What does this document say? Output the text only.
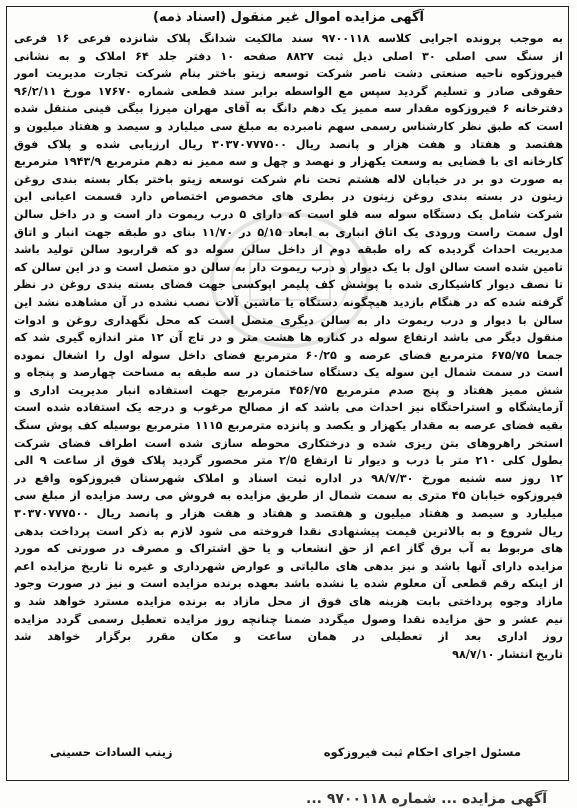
آگهی مزایده اموال غیر منقول (اسناد ذمه)
به موجب پرونده اجرایی کلاسه ۹۷۰۰۱۱۸ سند مالکیت شدانگ پلاک شانزده فرعی ۱۶ فرعی
از سنگ سی اصلی ۳۰ اصلی ذیل ثبت ۸۸۲۷ صفحه ۱۰ دفتر جلد ۶۴ املاک و به نشانی
فیروزکوه ناحیه صنعتی دشت ناصر شرکت توسعه زیتو باختر بنام شرکت تجارت مدیریت امور
حقوقی صادر و تسلیم گردید سپس مع الواسطه برابر سند قطعی شماره ۱۷۶۷۰ مورخ ۹۶/۲/۱۱
دفترخانه ۶ فیروزکوه مقدار سه ممیز یک دهم دانگ به آقای مهران میرزا بیگی فینی منتقل شده
است که طبق نظر کارشناس رسمی سهم نامبرده به مبلغ سی میلیارد و سیصد و هفتاد میلیون و
هفتصد و هفتاد و هفت هزار و پانصد ریال ۳۰۳۷۰۷۷۷۵۰۰ ریال ارزیابی شده و پلاک فوق
کارخانه ای با فضایی به وسعت یکهزار و نهصد و چهل و سه ممیز نه دهم مترمربع ۱۹۴۳/۹ مترمربع
به صورت دو بر در خیابان لاله هشتم تحت نام شرکت توسعه زیتو باختر بکار بسته بندی روغن
زیتون در بسته بندی روغن زیتون در بطری های مخصوص اختصاص دارد قسمت اعیانی این
شرکت شامل یک دستگاه سوله سه قلو است که دارای ۵ درب ریموت دار است و در داخل سالن
اول سمت راست ورودی یک اتاق انباری به ابعاد ۵/۱۵ در ۱۱/۷۰ بنای دو طبقه جهت انبار و اتاق
مدیریت احداث گردیده که راه طبقه دوم از داخل سالن سوله دو که قراربود سالن تولید باشد
تامین شده است سالن اول با یک دیوار و درب ریموت دار به سالن دو متصل است و در این سالن که
تا نصف دیوار کاشیکاری شده با پوشش کف پلیمر اپوکسی جهت فضای بسته بندی روغن در نظر
گرفته شده که در هنگام بازدید هیچگونه دستگاه یا ماشین آلات نصب نشده در آن مشاهده نشد این
سالن با دیوار و درب ریموت دار به سالن دیگری متصل است که محل نگهداری روغن و ادوات
منقول دیگر می باشد ارتفاع سوله در کناره ها هشت متر و در تاج آن ۱۲ متر اندازه گیری شد که
جمعا ۶۷۵/۷۵ مترمربع فضای عرصه و ۶۰/۲۵ مترمربع فضای داخل سوله اول را اشغال نموده
است در سمت شمال این سوله یک دستگاه ساختمان در سه طبقه به مساحت چهارصد و پنجاه و
شش ممیز هفتاد و پنج صدم مترمربع ۴۵۶/۷۵ مترمربع جهت استفاده انبار مدیریت اداری و
آزمایشگاه و استراحتگاه نیز احداث می باشد که از مصالح مرغوب و درجه یک استفاده شده است
بقیه فضای عرصه به مقدار یکهزار و یکصد و پانزده مترمربع ۱۱۱۵ مترمربع بوسیله کف پوش سنگ
استخر راهروهای بتن ریزی شده و درختکاری محوطه سازی شده است اطراف فضای شرکت
بطول کلی ۲۱۰ متر با درب و دیوار تا ارتفاع ۲/۵ متر محصور گردید پلاک فوق از ساعت ۹ الی
۱۲ روز سه شنبه مورخ ۹۸/۷/۳۰ در اداره ثبت اسناد و املاک شهرستان فیروزکوه واقع در
فیروزکوه خیابان ۴۵ متری به سمت شمال از طریق مزایده به فروش می رسد مزایده از مبلغ سی
میلیارد و سیصد و هفتاد میلیون و هفتصد و هفتاد و هفت هزار و پانصد ریال ۳۰۳۷۰۷۷۷۵۰۰
ریال شروع و به بالاترین قیمت پیشنهادی نقدا فروخته می شود لازم به ذکر است پرداخت بدهی
های مربوط به آب برق گاز اعم از حق انشعاب و یا حق اشتراک و مصرف در صورتی که مورد
مزایده دارای آنها باشد و نیز بدهی های مالیاتی و عوارض شهرداری و غیره تا تاریخ مزایده اعم
از اینکه رقم قطعی آن معلوم شده یا نشده باشد بعهده برنده مزایده است و نیز در صورت وجود
مازاد وجوه پرداختی بابت هزینه های فوق از محل مازاد به برنده مزایده مسترد خواهد شد و
نیم عشر و حق مزایده نقدا وصول میگردد ضمنا چنانچه روز مزایده تعطیل رسمی گردد مزایده
روز اداری بعد از تعطیلی در همان ساعت و مکان مقرر برگزار خواهد شد
تاریخ انتشار ۹۸/۷/۱۰
مسئول اجرای احکام ثبت فیروزکوه
زینب السادات حسینی
آگهی مزایده ... شماره ۹۷۰۰۱۱۸ ...
